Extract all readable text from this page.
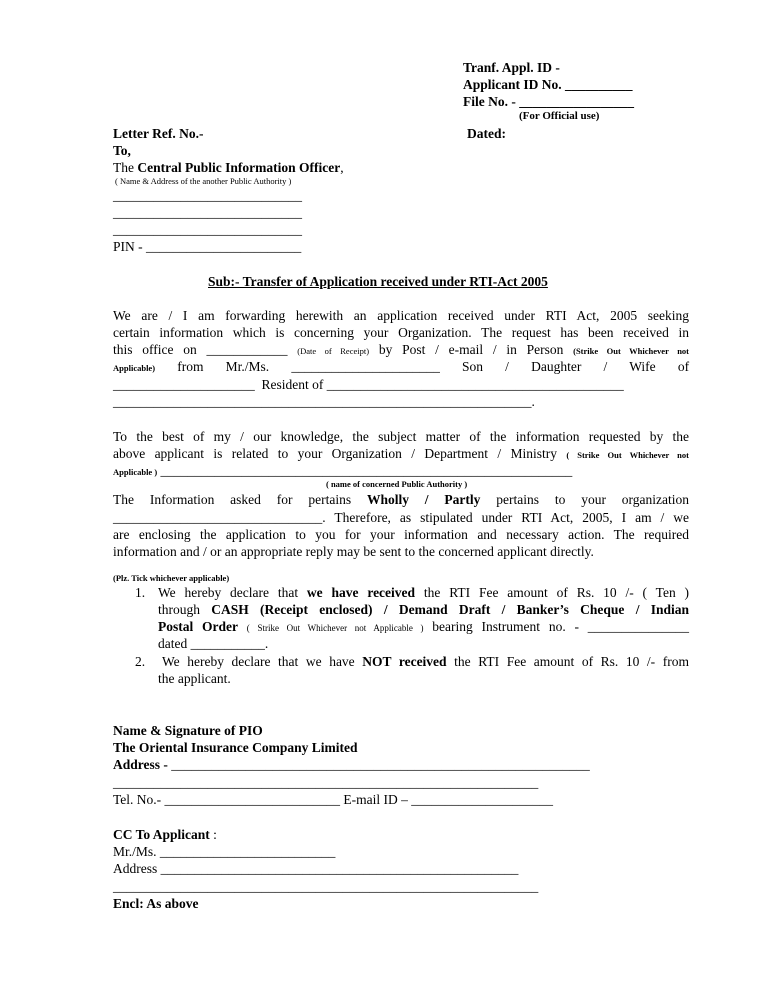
Tranf. Appl. ID -
Applicant ID No. __________
File No. - _________________
(For Official use)
Letter Ref. No.-	Dated:
To,
The Central Public Information Officer,
( Name & Address of the another Public Authority )
____________________________
____________________________
____________________________
PIN - _______________________
Sub:- Transfer of Application received under RTI-Act 2005
We are / I am forwarding herewith an application received under RTI Act, 2005 seeking
certain information which is concerning your Organization. The request has been received in
this office on ____________ (Date of Receipt) by Post / e-mail / in Person (Strike Out Whichever not
Applicable) from Mr./Ms. ______________________ Son / Daughter / Wife of
_____________________ Resident of ____________________________________________
______________________________________________________________.
To the best of my / our knowledge, the subject matter of the information requested by the
above applicant is related to your Organization / Department / Ministry ( Strike Out Whichever not
Applicable ) _____________________________________________________________
( name of concerned Public Authority )
The Information asked for pertains Wholly / Partly pertains to your organization
_______________________________. Therefore, as stipulated under RTI Act, 2005, I am / we
are enclosing the application to you for your information and necessary action. The required
information and / or an appropriate reply may be sent to the concerned applicant directly.
(Plz. Tick whichever applicable)
1. We hereby declare that we have received the RTI Fee amount of Rs. 10 /- ( Ten )
through CASH (Receipt enclosed) / Demand Draft / Banker’s Cheque / Indian
Postal Order ( Strike Out Whichever not Applicable ) bearing Instrument no. - _______________
dated ___________.
2. We hereby declare that we have NOT received the RTI Fee amount of Rs. 10 /- from
the applicant.
Name & Signature of PIO
The Oriental Insurance Company Limited
Address - ______________________________________________________________
_______________________________________________________________
Tel. No.- __________________________ E-mail ID – _____________________
CC To Applicant :
Mr./Ms. __________________________
Address _____________________________________________________
_______________________________________________________________
Encl: As above
